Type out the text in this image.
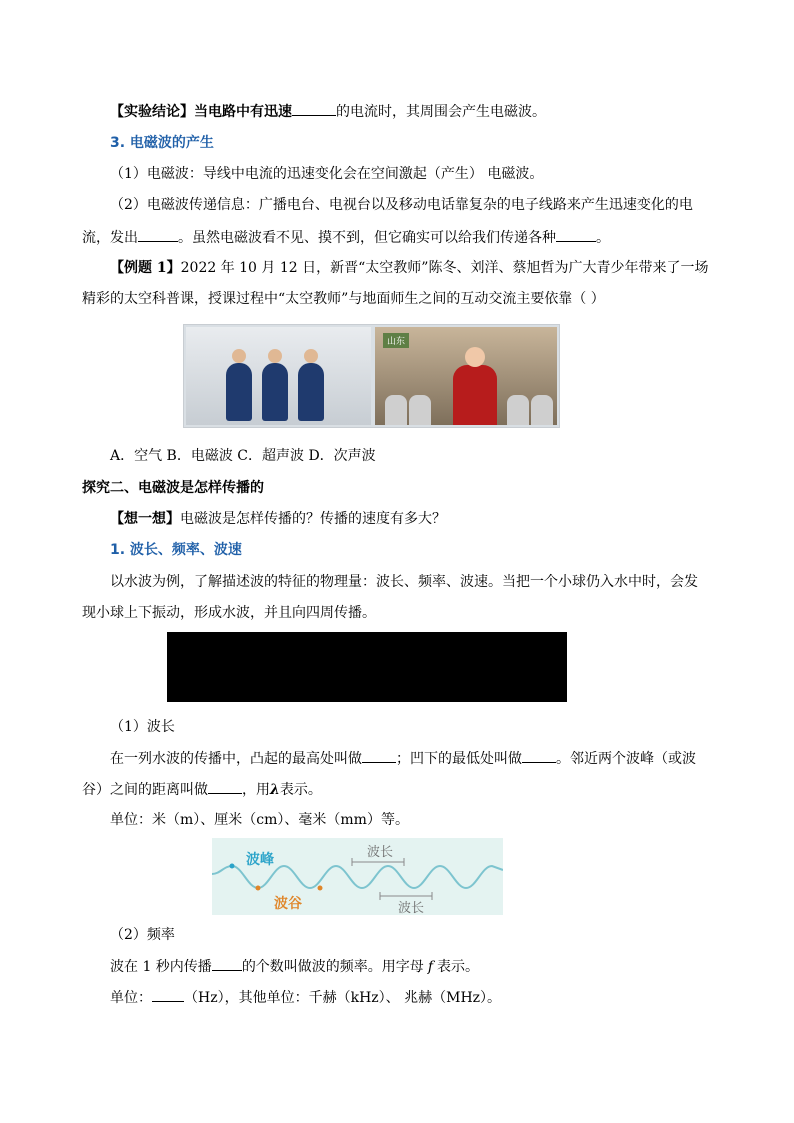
【实验结论】当电路中有迅速	的电流时，其周围会产生电磁波。
3. 电磁波的产生
（1）电磁波：导线中电流的迅速变化会在空间激起（产生） 电磁波。
（2）电磁波传递信息：广播电台、电视台以及移动电话靠复杂的电子线路来产生迅速变化的电
流，发出	。虽然电磁波看不见、摸不到，但它确实可以给我们传递各种	。
【例题 1】2022 年 10 月 12 日，新晋“太空教师”陈冬、刘洋、蔡旭哲为广大青少年带来了一场
精彩的太空科普课，授课过程中“太空教师”与地面师生之间的互动交流主要依靠（ ）
山东
A．空气 B．电磁波 C．超声波 D．次声波
探究二、电磁波是怎样传播的
【想一想】电磁波是怎样传播的？传播的速度有多大？
1. 波长、频率、波速
以水波为例，了解描述波的特征的物理量：波长、频率、波速。当把一个小球仍入水中时，会发
现小球上下振动，形成水波，并且向四周传播。
（1）波长
在一列水波的传播中，凸起的最高处叫做 ；凹下的最低处叫做 。邻近两个波峰（或波
谷）之间的距离叫做 ，用λ表示。
单位：米（m）、厘米（cm）、毫米（mm）等。
波峰
波谷
波长
波长
（2）频率
波在 1 秒内传播 的个数叫做波的频率。用字母 f 表示。
单位： （Hz），其他单位：千赫（kHz）、 兆赫（MHz）。
